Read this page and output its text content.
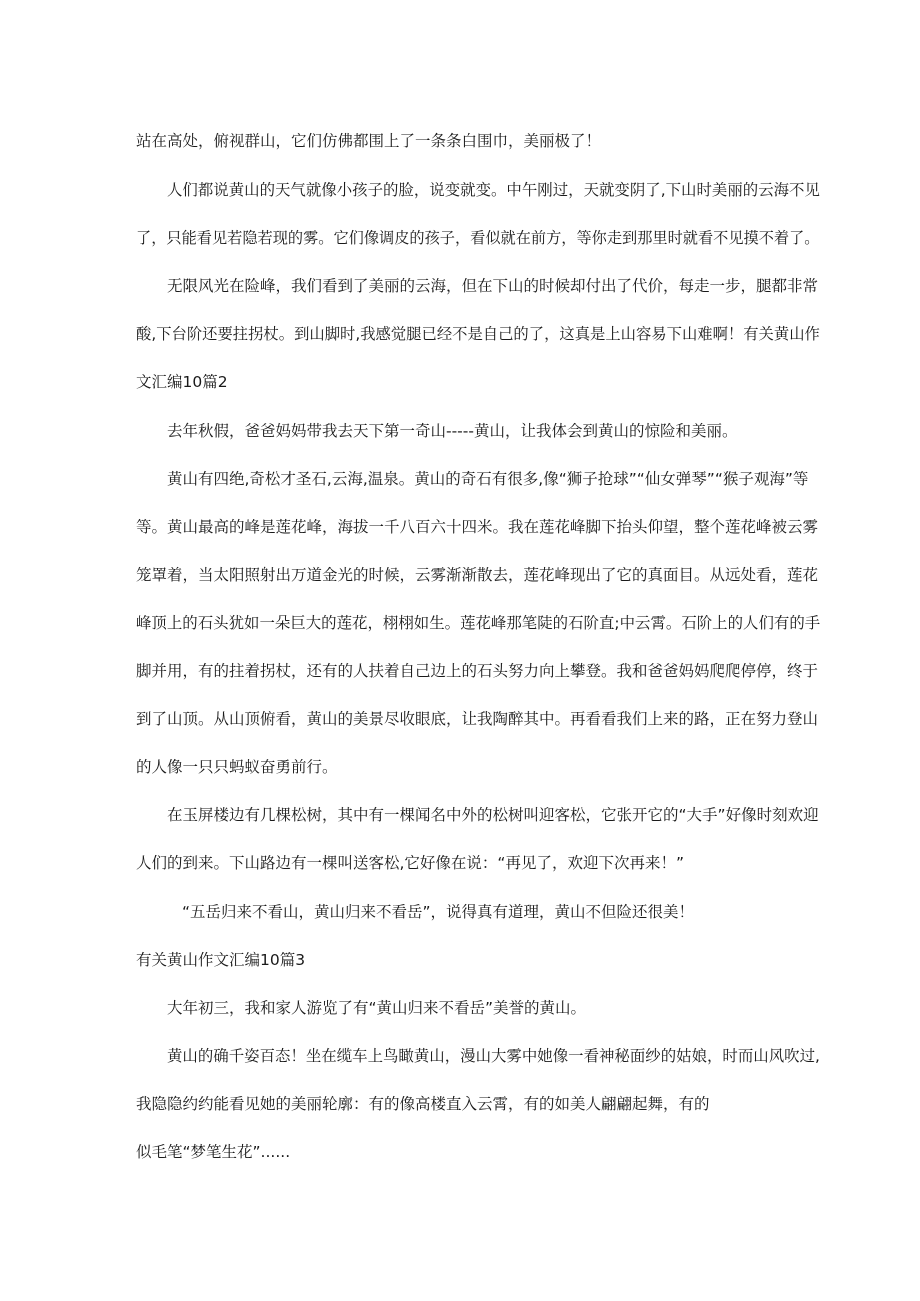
站在高处，俯视群山，它们仿佛都围上了一条条白围巾，美丽极了！
人们都说黄山的天气就像小孩子的脸，说变就变。中午刚过，天就变阴了,下山时美丽的云海不见
了，只能看见若隐若现的雾。它们像调皮的孩子，看似就在前方，等你走到那里时就看不见摸不着了。
无限风光在险峰，我们看到了美丽的云海，但在下山的时候却付出了代价，每走一步，腿都非常
酸,下台阶还要拄拐杖。到山脚时,我感觉腿已经不是自己的了，这真是上山容易下山难啊！有关黄山作
文汇编10篇2
去年秋假，爸爸妈妈带我去天下第一奇山-----黄山，让我体会到黄山的惊险和美丽。
黄山有四绝,奇松才圣石,云海,温泉。黄山的奇石有很多,像“狮子抢球”“仙女弹琴”“猴子观海”等
等。黄山最高的峰是莲花峰，海拔一千八百六十四米。我在莲花峰脚下抬头仰望，整个莲花峰被云雾
笼罩着，当太阳照射出万道金光的时候，云雾渐渐散去，莲花峰现出了它的真面目。从远处看，莲花
峰顶上的石头犹如一朵巨大的莲花，栩栩如生。莲花峰那笔陡的石阶直;中云霄。石阶上的人们有的手
脚并用，有的拄着拐杖，还有的人扶着自己边上的石头努力向上攀登。我和爸爸妈妈爬爬停停，终于
到了山顶。从山顶俯看，黄山的美景尽收眼底，让我陶醉其中。再看看我们上来的路，正在努力登山
的人像一只只蚂蚁奋勇前行。
在玉屏楼边有几棵松树，其中有一棵闻名中外的松树叫迎客松，它张开它的“大手”好像时刻欢迎
人们的到来。下山路边有一棵叫送客松,它好像在说：“再见了，欢迎下次再来！”
“五岳归来不看山，黄山归来不看岳”，说得真有道理，黄山不但险还很美！
有关黄山作文汇编10篇3
大年初三，我和家人游览了有“黄山归来不看岳”美誉的黄山。
黄山的确千姿百态！坐在缆车上鸟瞰黄山，漫山大雾中她像一看神秘面纱的姑娘，时而山风吹过,
我隐隐约约能看见她的美丽轮廓：有的像高楼直入云霄，有的如美人翩翩起舞，有的
似毛笔“梦笔生花”......
